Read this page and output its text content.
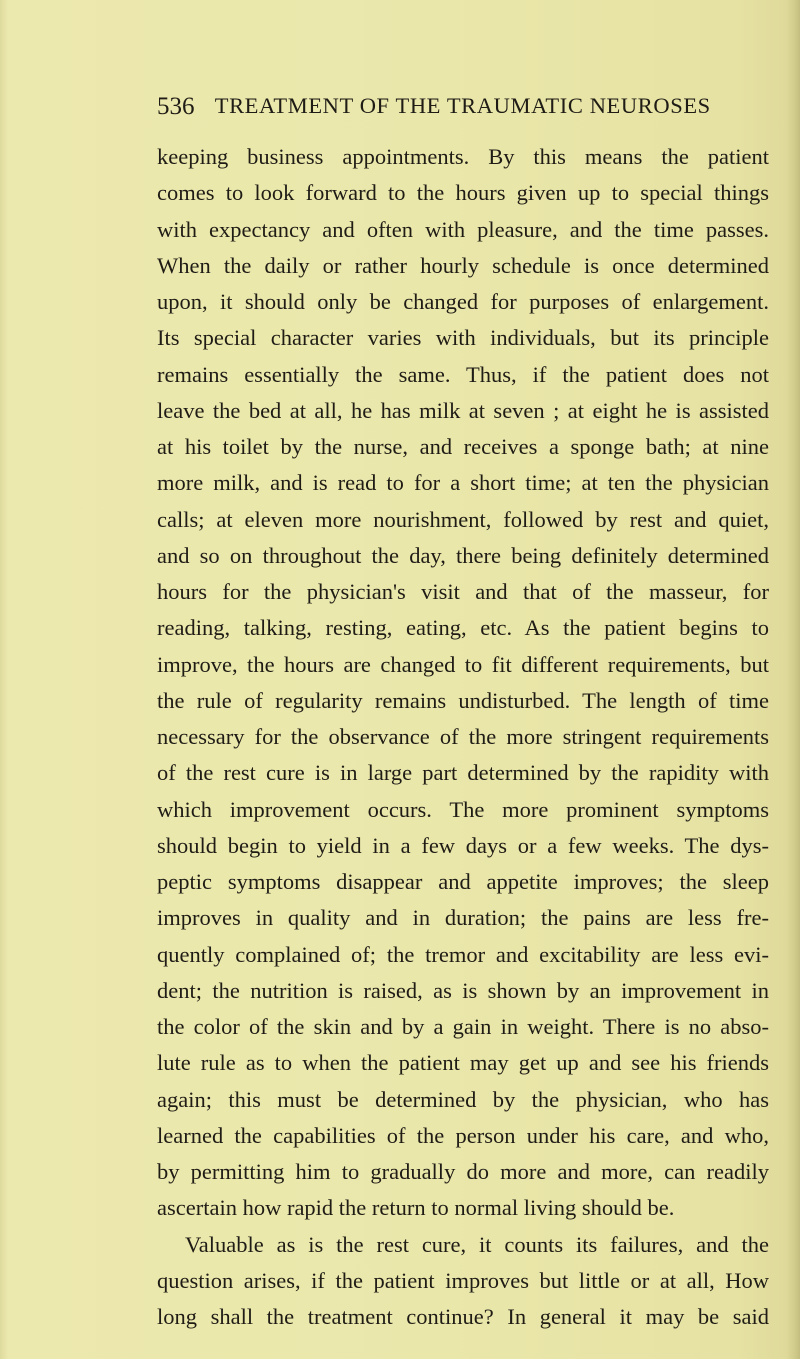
536 TREATMENT OF THE TRAUMATIC NEUROSES
keeping business appointments. By this means the patient
comes to look forward to the hours given up to special things
with expectancy and often with pleasure, and the time passes.
When the daily or rather hourly schedule is once determined
upon, it should only be changed for purposes of enlargement.
Its special character varies with individuals, but its principle
remains essentially the same. Thus, if the patient does not
leave the bed at all, he has milk at seven ; at eight he is assisted
at his toilet by the nurse, and receives a sponge bath; at nine
more milk, and is read to for a short time; at ten the physician
calls; at eleven more nourishment, followed by rest and quiet,
and so on throughout the day, there being definitely determined
hours for the physician's visit and that of the masseur, for
reading, talking, resting, eating, etc. As the patient begins to
improve, the hours are changed to fit different requirements, but
the rule of regularity remains undisturbed. The length of time
necessary for the observance of the more stringent requirements
of the rest cure is in large part determined by the rapidity with
which improvement occurs. The more prominent symptoms
should begin to yield in a few days or a few weeks. The dys-
peptic symptoms disappear and appetite improves; the sleep
improves in quality and in duration; the pains are less fre-
quently complained of; the tremor and excitability are less evi-
dent; the nutrition is raised, as is shown by an improvement in
the color of the skin and by a gain in weight. There is no abso-
lute rule as to when the patient may get up and see his friends
again; this must be determined by the physician, who has
learned the capabilities of the person under his care, and who,
by permitting him to gradually do more and more, can readily
ascertain how rapid the return to normal living should be.
Valuable as is the rest cure, it counts its failures, and the
question arises, if the patient improves but little or at all, How
long shall the treatment continue? In general it may be said
